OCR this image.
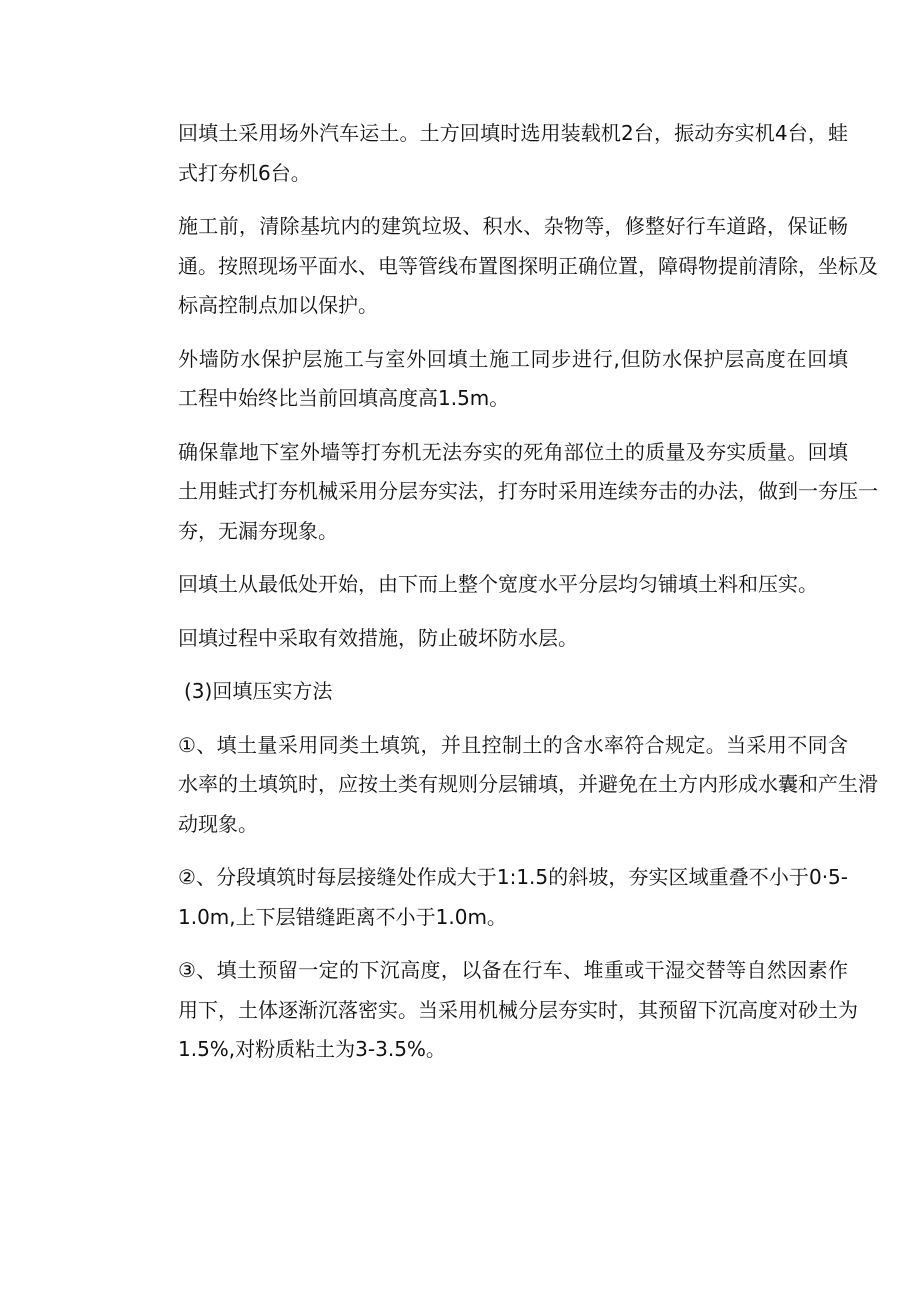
回填土采用场外汽车运土。土方回填时选用装载机2台，振动夯实机4台，蛙
式打夯机6台。
施工前，清除基坑内的建筑垃圾、积水、杂物等，修整好行车道路，保证畅
通。按照现场平面水、电等管线布置图探明正确位置，障碍物提前清除，坐标及
标高控制点加以保护。
外墙防水保护层施工与室外回填土施工同步进行,但防水保护层高度在回填
工程中始终比当前回填高度高1.5m。
确保靠地下室外墙等打夯机无法夯实的死角部位土的质量及夯实质量。回填
土用蛙式打夯机械采用分层夯实法，打夯时采用连续夯击的办法，做到一夯压一
夯，无漏夯现象。
回填土从最低处开始，由下而上整个宽度水平分层均匀铺填土料和压实。
回填过程中采取有效措施，防止破坏防水层。
(3)回填压实方法
①、填土量采用同类土填筑，并且控制土的含水率符合规定。当采用不同含
水率的土填筑时，应按土类有规则分层铺填，并避免在土方内形成水囊和产生滑
动现象。
②、分段填筑时每层接缝处作成大于1:1.5的斜坡，夯实区域重叠不小于0·5-
1.0m,上下层错缝距离不小于1.0m。
③、填土预留一定的下沉高度，以备在行车、堆重或干湿交替等自然因素作
用下，土体逐渐沉落密实。当采用机械分层夯实时，其预留下沉高度对砂土为
1.5%,对粉质粘土为3-3.5%。
